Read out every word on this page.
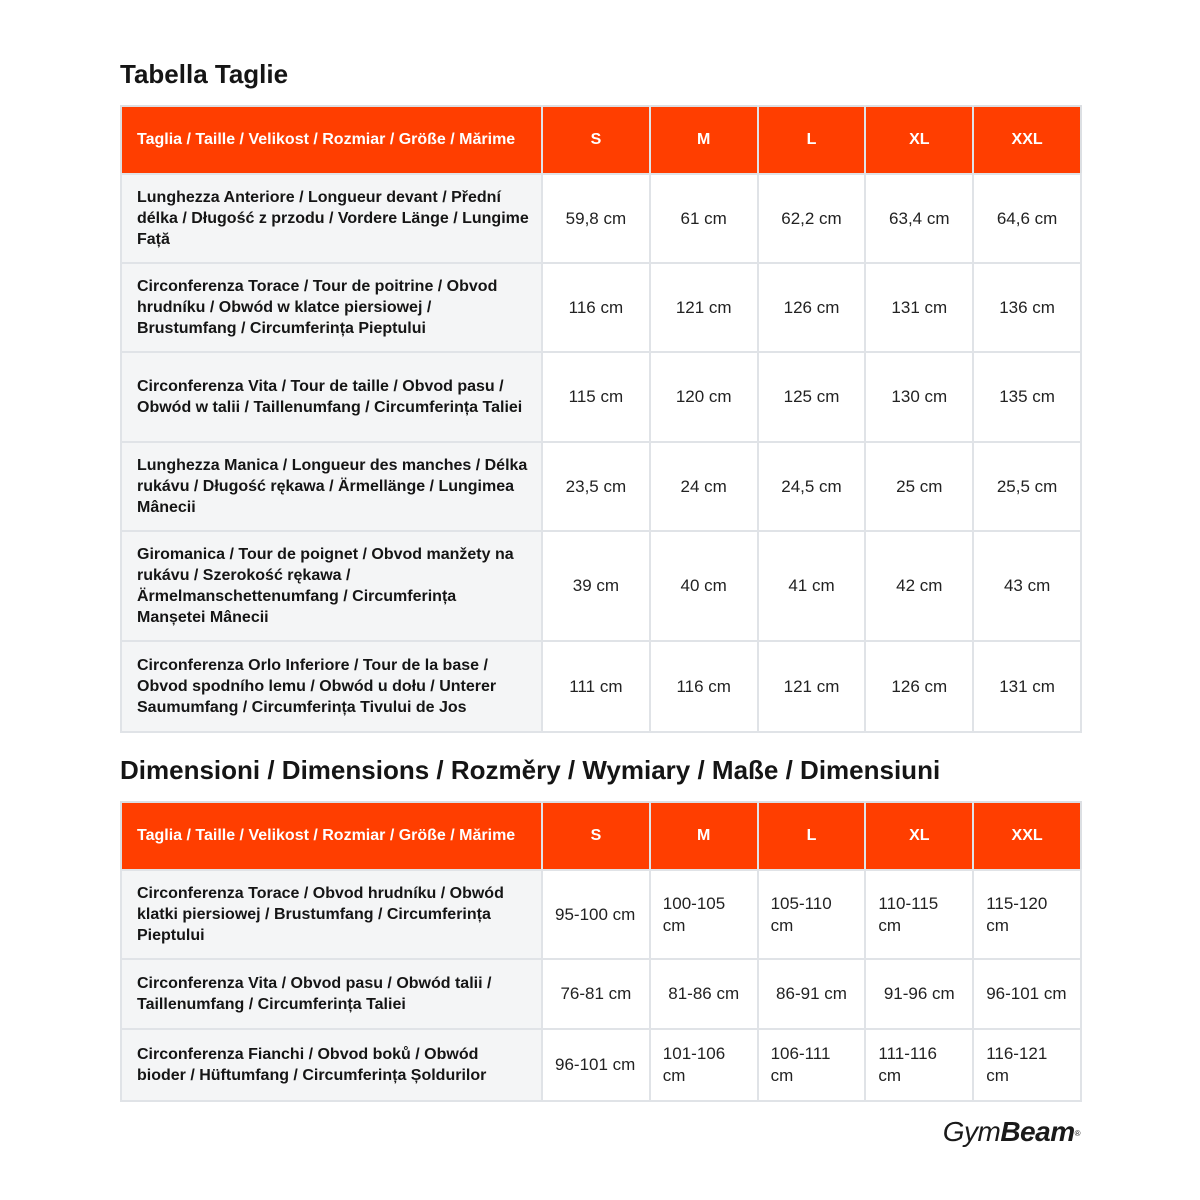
Tabella Taglie
Taglia / Taille / Velikost / Rozmiar / Größe / Mărime	S	M	L	XL	XXL
Lunghezza Anteriore / Longueur devant / Přední délka / Długość z przodu / Vordere Länge / Lungime Față	59,8 cm	61 cm	62,2 cm	63,4 cm	64,6 cm
Circonferenza Torace / Tour de poitrine / Obvod hrudníku / Obwód w klatce piersiowej / Brustumfang / Circumferința Pieptului	116 cm	121 cm	126 cm	131 cm	136 cm
Circonferenza Vita / Tour de taille / Obvod pasu / Obwód w talii / Taillenumfang / Circumferința Taliei	115 cm	120 cm	125 cm	130 cm	135 cm
Lunghezza Manica / Longueur des manches / Délka rukávu / Długość rękawa / Ärmellänge / Lungimea Mânecii	23,5 cm	24 cm	24,5 cm	25 cm	25,5 cm
Giromanica / Tour de poignet / Obvod manžety na rukávu / Szerokość rękawa / Ärmelmanschettenumfang / Circumferința Manșetei Mânecii	39 cm	40 cm	41 cm	42 cm	43 cm
Circonferenza Orlo Inferiore / Tour de la base / Obvod spodního lemu / Obwód u dołu / Unterer Saumumfang / Circumferința Tivului de Jos	111 cm	116 cm	121 cm	126 cm	131 cm
Dimensioni / Dimensions / Rozměry / Wymiary / Maße / Dimensiuni
Taglia / Taille / Velikost / Rozmiar / Größe / Mărime	S	M	L	XL	XXL
Circonferenza Torace / Obvod hrudníku / Obwód klatki piersiowej / Brustumfang / Circumferința Pieptului	95-100 cm	100-105 cm	105-110 cm	110-115 cm	115-120 cm
Circonferenza Vita / Obvod pasu / Obwód talii / Taillenumfang / Circumferința Taliei	76-81 cm	81-86 cm	86-91 cm	91-96 cm	96-101 cm
Circonferenza Fianchi / Obvod boků / Obwód bioder / Hüftumfang / Circumferința Șoldurilor	96-101 cm	101-106 cm	106-111 cm	111-116 cm	116-121 cm
GymBeam®
